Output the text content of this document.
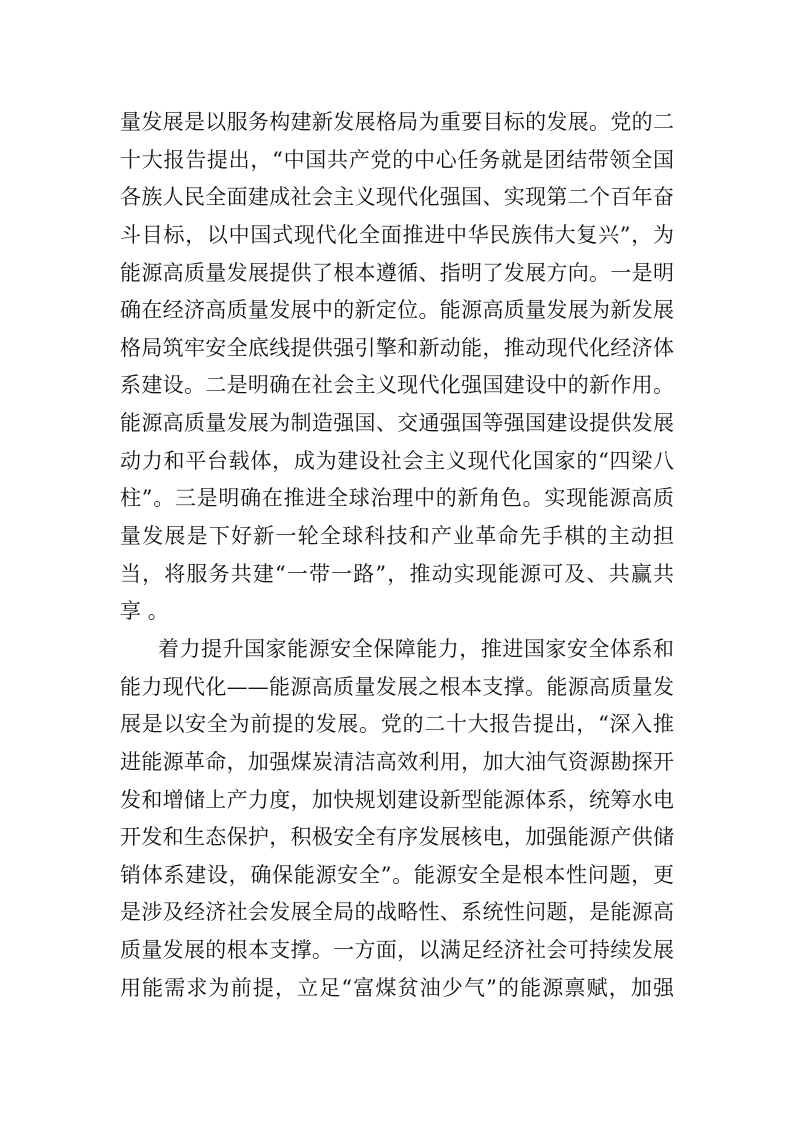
量发展是以服务构建新发展格局为重要目标的发展。党的二
十大报告提出，“中国共产党的中心任务就是团结带领全国
各族人民全面建成社会主义现代化强国、实现第二个百年奋
斗目标，以中国式现代化全面推进中华民族伟大复兴”，为
能源高质量发展提供了根本遵循、指明了发展方向。一是明
确在经济高质量发展中的新定位。能源高质量发展为新发展
格局筑牢安全底线提供强引擎和新动能，推动现代化经济体
系建设。二是明确在社会主义现代化强国建设中的新作用。
能源高质量发展为制造强国、交通强国等强国建设提供发展
动力和平台载体，成为建设社会主义现代化国家的“四梁八
柱”。三是明确在推进全球治理中的新角色。实现能源高质
量发展是下好新一轮全球科技和产业革命先手棋的主动担
当，将服务共建“一带一路”，推动实现能源可及、共赢共
享。
着力提升国家能源安全保障能力，推进国家安全体系和
能力现代化——能源高质量发展之根本支撑。能源高质量发
展是以安全为前提的发展。党的二十大报告提出，“深入推
进能源革命，加强煤炭清洁高效利用，加大油气资源勘探开
发和增储上产力度，加快规划建设新型能源体系，统筹水电
开发和生态保护，积极安全有序发展核电，加强能源产供储
销体系建设，确保能源安全”。能源安全是根本性问题，更
是涉及经济社会发展全局的战略性、系统性问题，是能源高
质量发展的根本支撑。一方面，以满足经济社会可持续发展
用能需求为前提，立足“富煤贫油少气”的能源禀赋，加强
